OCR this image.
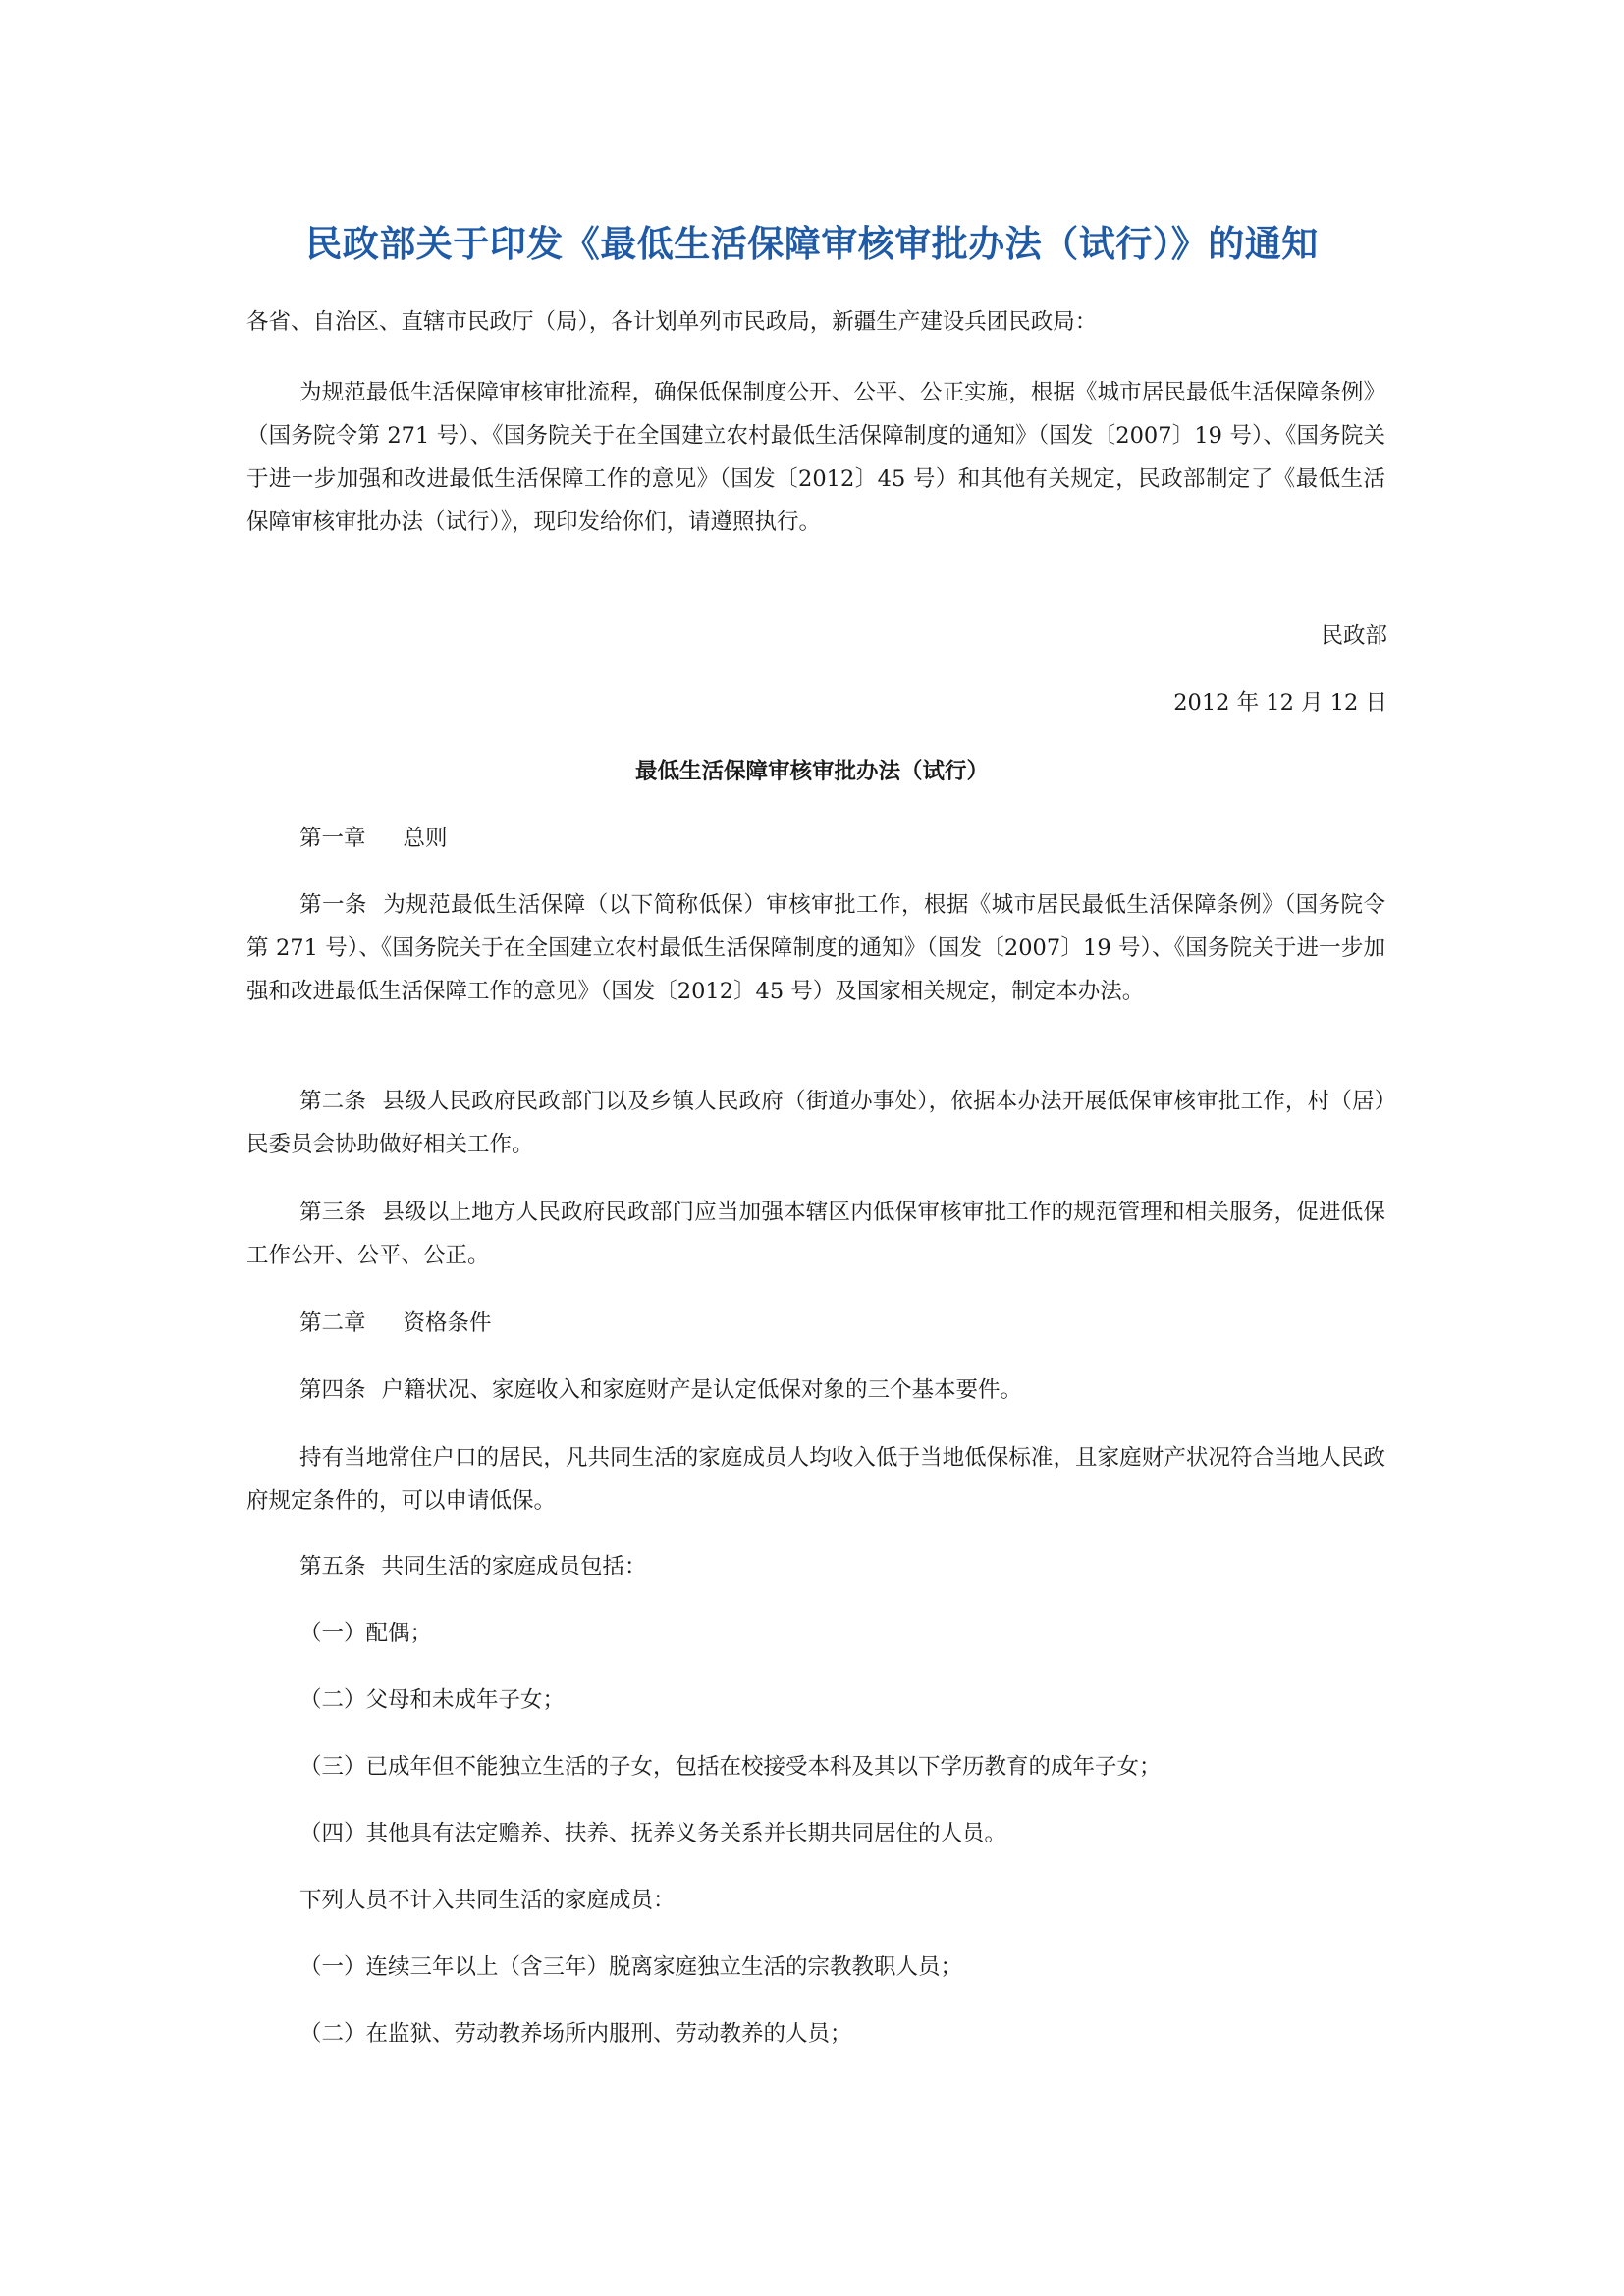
民政部关于印发《最低生活保障审核审批办法（试行）》的通知

各省、自治区、直辖市民政厅（局），各计划单列市民政局，新疆生产建设兵团民政局：

为规范最低生活保障审核审批流程，确保低保制度公开、公平、公正实施，根据《城市居民最低生活保障条例》（国务院令第 271 号）、《国务院关于在全国建立农村最低生活保障制度的通知》（国发〔2007〕19 号）、《国务院关于进一步加强和改进最低生活保障工作的意见》（国发〔2012〕45 号）和其他有关规定，民政部制定了《最低生活保障审核审批办法（试行）》，现印发给你们，请遵照执行。

民政部
2012 年 12 月 12 日
最低生活保障审核审批办法（试行）
第一章 总则

第一条 为规范最低生活保障（以下简称低保）审核审批工作，根据《城市居民最低生活保障条例》（国务院令第 271 号）、《国务院关于在全国建立农村最低生活保障制度的通知》（国发〔2007〕19 号）、《国务院关于进一步加强和改进最低生活保障工作的意见》（国发〔2012〕45 号）及国家相关规定，制定本办法。

第二条 县级人民政府民政部门以及乡镇人民政府（街道办事处），依据本办法开展低保审核审批工作，村（居）民委员会协助做好相关工作。

第三条 县级以上地方人民政府民政部门应当加强本辖区内低保审核审批工作的规范管理和相关服务，促进低保工作公开、公平、公正。

第二章 资格条件

第四条 户籍状况、家庭收入和家庭财产是认定低保对象的三个基本要件。

持有当地常住户口的居民，凡共同生活的家庭成员人均收入低于当地低保标准，且家庭财产状况符合当地人民政府规定条件的，可以申请低保。

第五条 共同生活的家庭成员包括：

（一）配偶；
（二）父母和未成年子女；
（三）已成年但不能独立生活的子女，包括在校接受本科及其以下学历教育的成年子女；
（四）其他具有法定赡养、扶养、抚养义务关系并长期共同居住的人员。
下列人员不计入共同生活的家庭成员：
（一）连续三年以上（含三年）脱离家庭独立生活的宗教教职人员；
（二）在监狱、劳动教养场所内服刑、劳动教养的人员；
